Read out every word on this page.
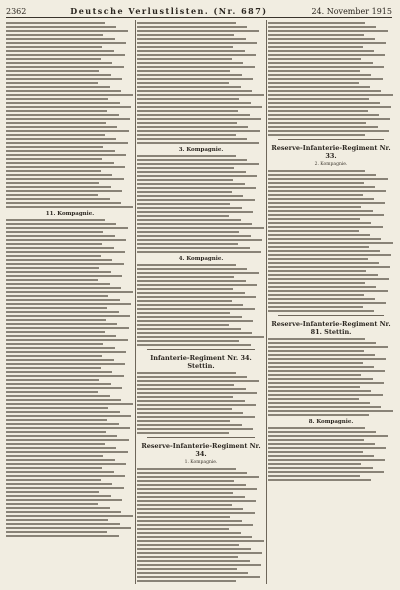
2362	Deutsche Verlustlisten. (Nr. 687)	24. November 1915
11. Kompagnie.
3. Kompagnie.
4. Kompagnie.
Infanterie-Regiment Nr. 34. Stettin.
Reserve-Infanterie-Regiment Nr. 34.
1. Kompagnie.
Reserve-Infanterie-Regiment Nr. 33.
2. Kompagnie.
Reserve-Infanterie-Regiment Nr. 81. Stettin.
8. Kompagnie.
